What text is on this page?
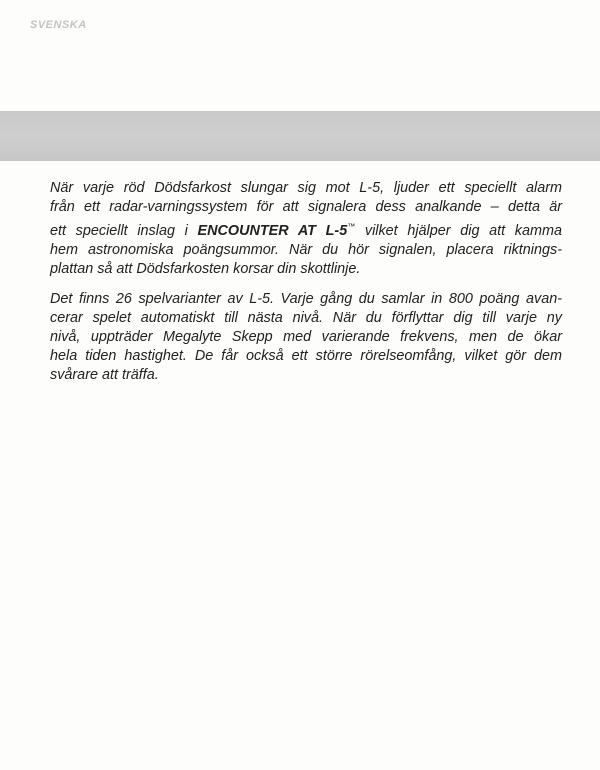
SVENSKA

När varje röd Dödsfarkost slungar sig mot L-5, ljuder ett speciellt alarm
från ett radar-varningssystem för att signalera dess analkande – detta är
ett speciellt inslag i ENCOUNTER AT L-5™ vilket hjälper dig att kamma
hem astronomiska poängsummor. När du hör signalen, placera riktnings-
plattan så att Dödsfarkosten korsar din skottlinje.

Det finns 26 spelvarianter av L-5. Varje gång du samlar in 800 poäng avan-
cerar spelet automatiskt till nästa nivå. När du förflyttar dig till varje ny
nivå, uppträder Megalyte Skepp med varierande frekvens, men de ökar
hela tiden hastighet. De får också ett större rörelseomfång, vilket gör dem
svårare att träffa.
